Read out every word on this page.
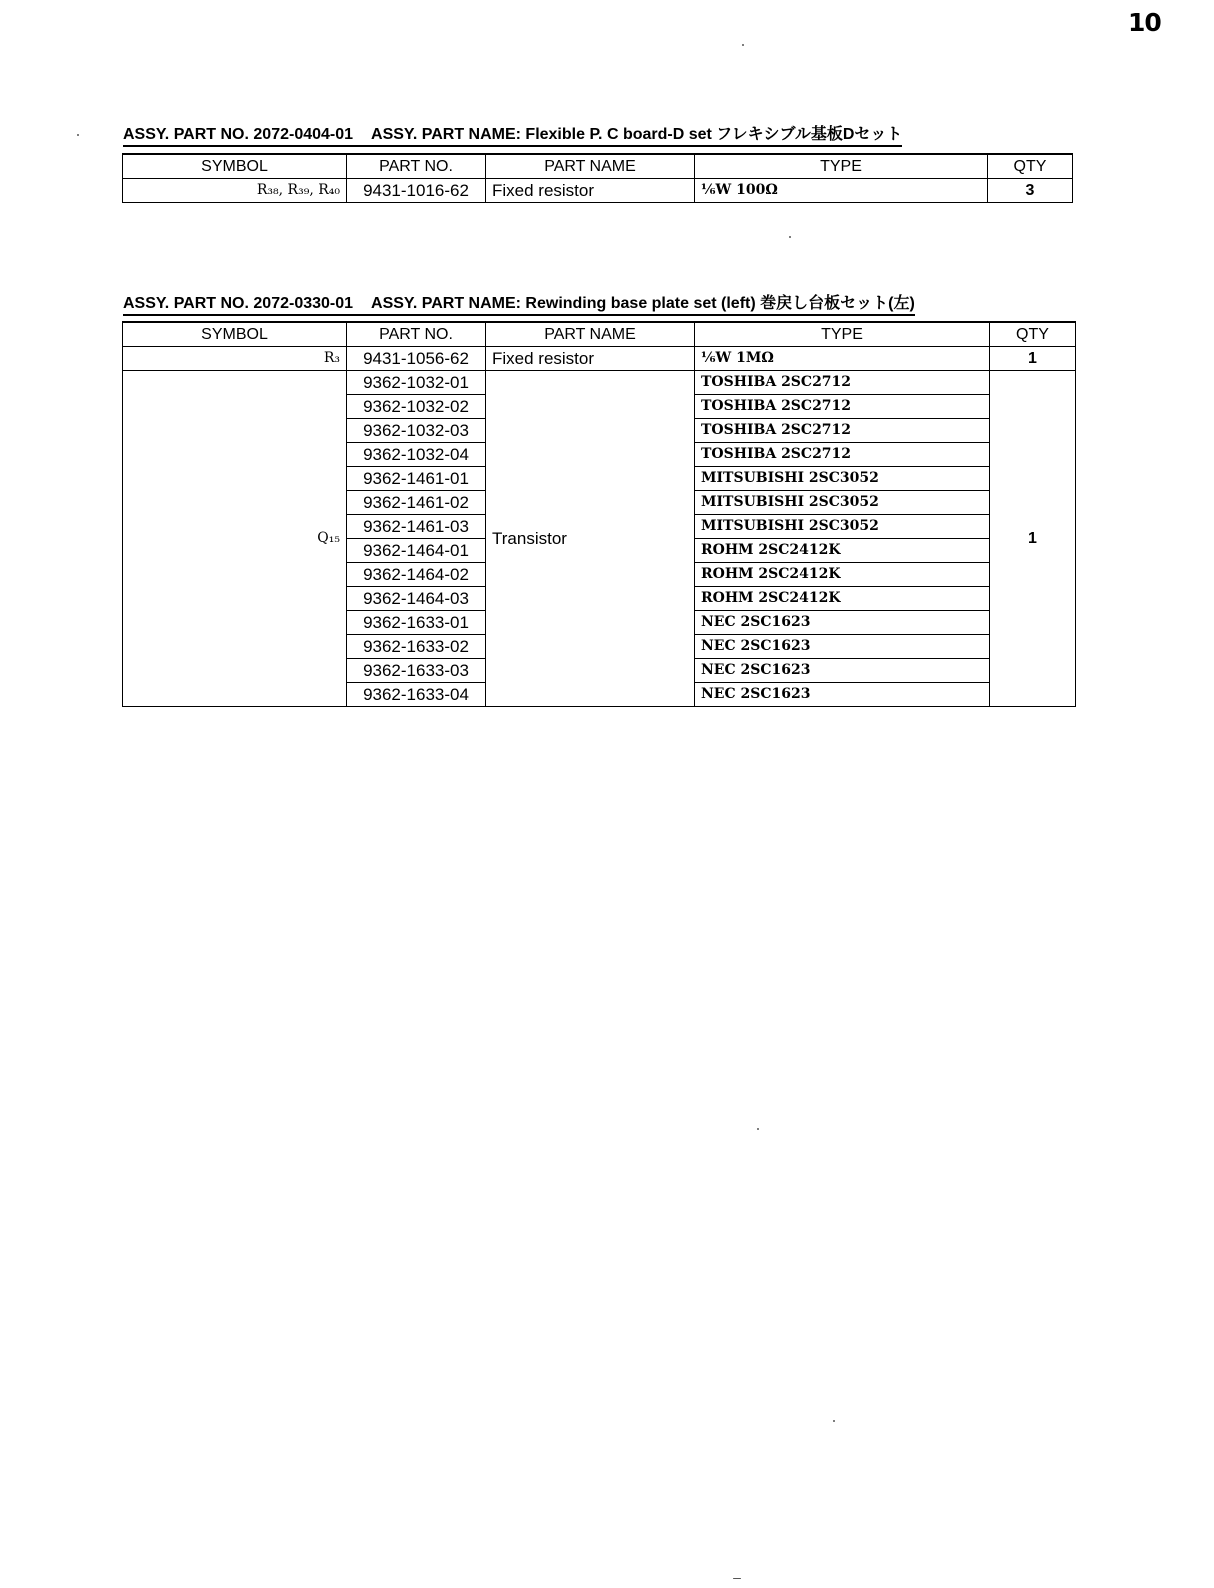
10
ASSY. PART NO. 2072-0404-01 ASSY. PART NAME: Flexible P. C board-D set フレキシブル基板Dセット
SYMBOL	PART NO.	PART NAME	TYPE	QTY
R₃₈, R₃₉, R₄₀	9431-1016-62	Fixed resistor	⅙W 100Ω	3
ASSY. PART NO. 2072-0330-01 ASSY. PART NAME: Rewinding base plate set (left) 巻戻し台板セット(左)
SYMBOL	PART NO.	PART NAME	TYPE	QTY
R₃	9431-1056-62	Fixed resistor	⅙W 1MΩ	1
Q₁₅	9362-1032-01	Transistor	TOSHIBA 2SC2712	1
	9362-1032-02		TOSHIBA 2SC2712	
	9362-1032-03		TOSHIBA 2SC2712	
	9362-1032-04		TOSHIBA 2SC2712	
	9362-1461-01		MITSUBISHI 2SC3052	
	9362-1461-02		MITSUBISHI 2SC3052	
	9362-1461-03		MITSUBISHI 2SC3052	
	9362-1464-01		ROHM 2SC2412K	
	9362-1464-02		ROHM 2SC2412K	
	9362-1464-03		ROHM 2SC2412K	
	9362-1633-01		NEC 2SC1623	
	9362-1633-02		NEC 2SC1623	
	9362-1633-03		NEC 2SC1623	
	9362-1633-04		NEC 2SC1623	
